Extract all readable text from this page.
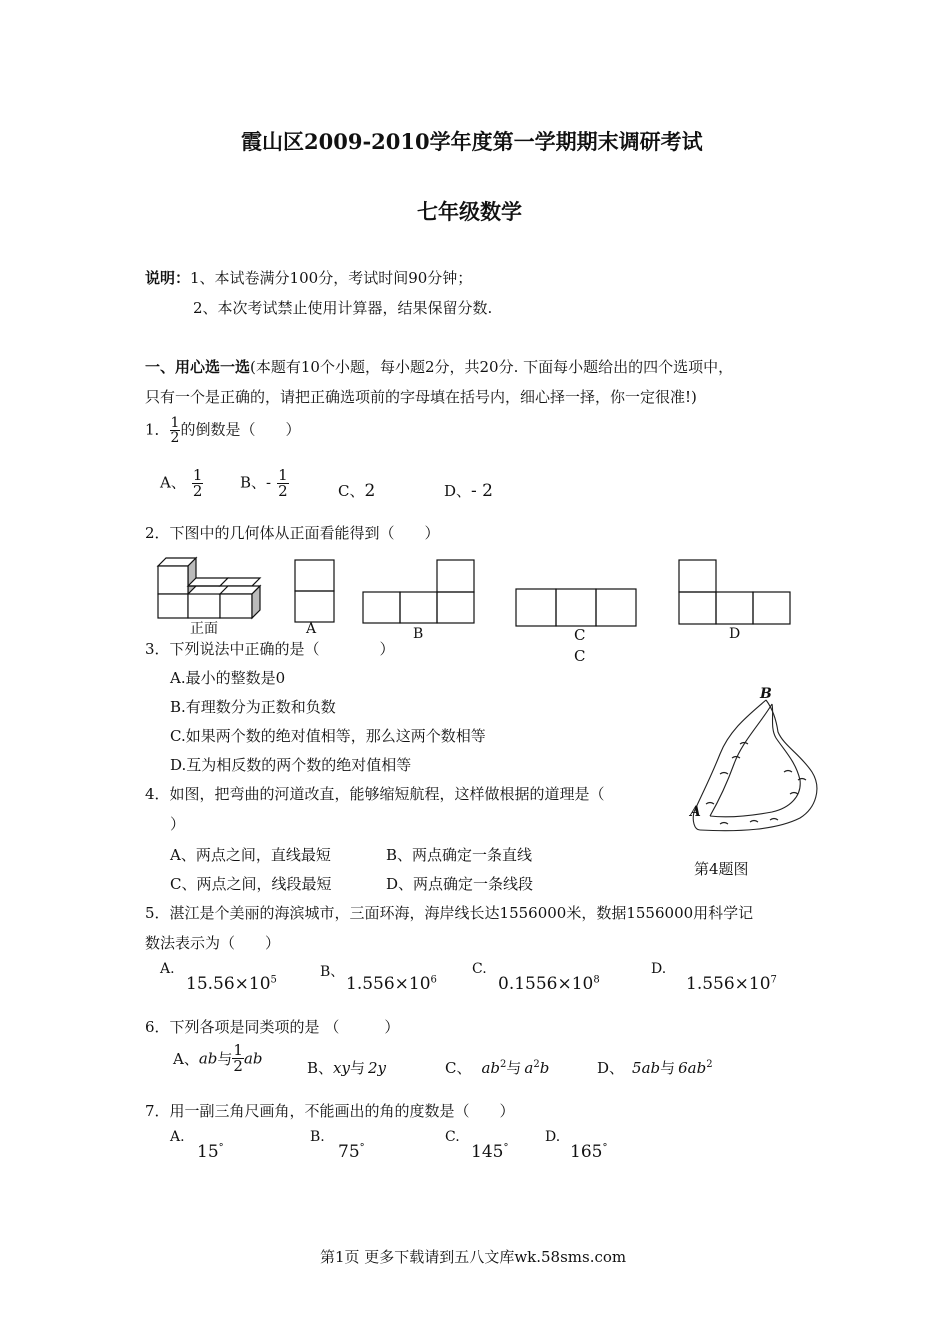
霞山区2009-2010学年度第一学期期末调研考试
七年级数学
说明：1、本试卷满分100分，考试时间90分钟；
2、本次考试禁止使用计算器，结果保留分数.
一、用心选一选(本题有10个小题，每小题2分，共20分. 下面每小题给出的四个选项中，
只有一个是正确的，请把正确选项前的字母填在括号内，细心择一择，你一定很准!)
1． $\frac{1}{2}$ 的倒数是（　　）
A、 $\frac{1}{2}$ B、- $\frac{1}{2}$	C、2	D、- 2
2．下图中的几何体从正面看能得到（　　）
正面	A	B	C
C
D
3．下列说法中正确的是（　　　　）
A.最小的整数是0
B.有理数分为正数和负数
C.如果两个数的绝对值相等，那么这两个数相等
D.互为相反数的两个数的绝对值相等
B
A
第4题图
4．如图，把弯曲的河道改直，能够缩短航程，这样做根据的道理是（
）
A、两点之间，直线最短	B、两点确定一条直线
C、两点之间，线段最短	D、两点确定一条线段
5．湛江是个美丽的海滨城市，三面环海，海岸线长达1556000米，数据1556000用科学记
数法表示为（　　）
A.
$15.56\times 10^5$	B、
$1.556\times 10^6$
C.
$0.1556\times 10^8$
D.
$1.556\times 10^7$
6．下列各项是同类项的是 （　　　）
A、ab与 $\frac{1}{2}$ ab
B、xy与 2y	C、 $ab^2$与 $a^2b$	D、 5ab与 $6ab^2$
7．用一副三角尺画角，不能画出的角的度数是（　　）
A.
15°
B.
75°
C.
145°
D.
165°
第1页 更多下载请到五八文库wk.58sms.com
